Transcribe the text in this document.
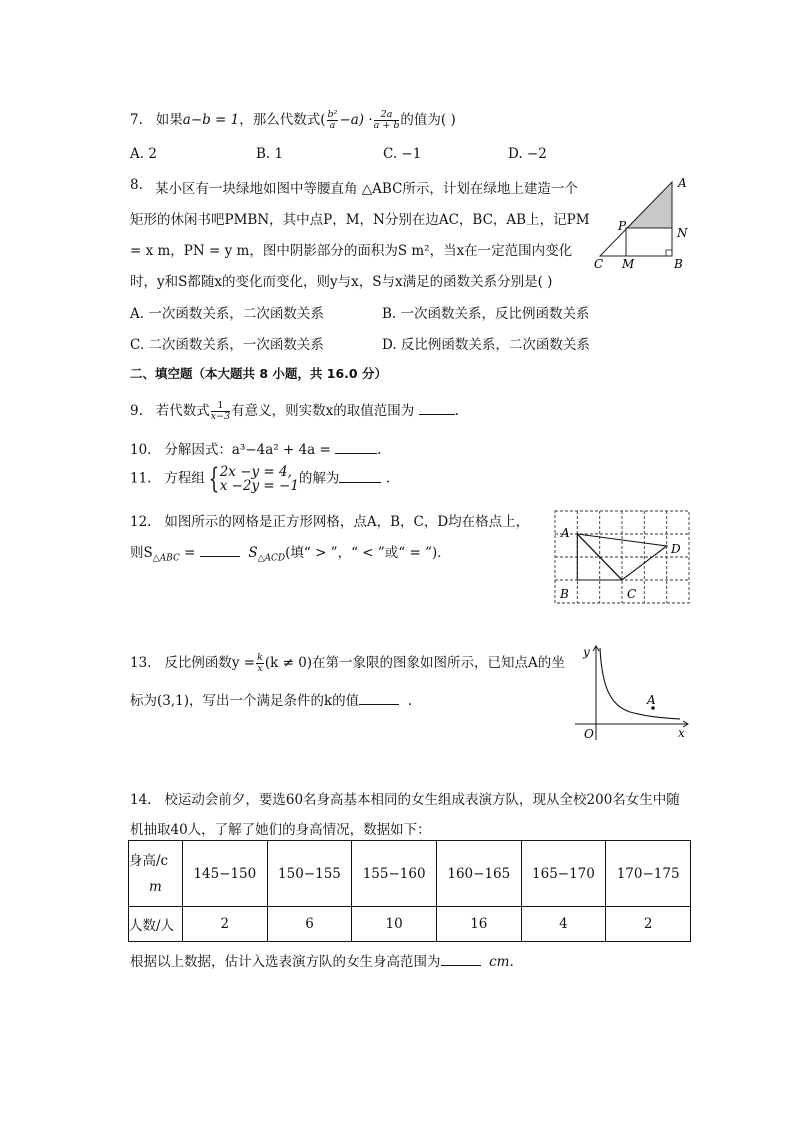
7. 如果a−b = 1，那么代数式( $\frac{\text{b²}}{a} -a) \cdot \frac{2a}{a + b}$ 的值为( )
A. 2	B. 1	C. −1	D. −2
8. 某小区有一块绿地如图中等腰直角 △ABC所示，计划在绿地上建造一个
矩形的休闲书吧PMBN，其中点P，M，N分别在边AC，BC，AB上，记PM
= x m，PN = y m，图中阴影部分的面积为S m²，当x在一定范围内变化
时，y和S都随x的变化而变化，则y与x，S与x满足的函数关系分别是( )
A. 一次函数关系，二次函数关系	B. 一次函数关系，反比例函数关系
C. 二次函数关系，一次函数关系	D. 反比例函数关系，二次函数关系
A
P	N
C M	B
二、填空题（本大题共 8 小题，共 16.0 分）
9. 若代数式 $\frac{1}{x-3}$ 有意义，则实数x的取值范围为	.
10. 分解因式：a³−4a² + 4a =	.
11. 方程组 { 2x −y = 4,
x −2y = −1 的解为	.
12. 如图所示的网格是正方形网格，点A，B，C，D均在格点上，
则$S_{\triangle ABC}$ =	$S_{\triangle ACD}$(填“ > ”，“ < ”或“ = ”)．
A
D
B	C
13. 反比例函数$y = \frac{k}{x} (k \ne 0)$在第一象限的图象如图所示，已知点A的坐
标为(3,1)，写出一个满足条件的k的值	.
y
A
O	x
14. 校运动会前夕，要选60名身高基本相同的女生组成表演方队，现从全校200名女生中随
机抽取40人，了解了她们的身高情况，数据如下：
身高/c
m	145−150	150−155	155−160	160−165	165−170	170−175
人数/人	2	6	10	16	4	2
根据以上数据，估计入选表演方队的女生身高范围为	cm.
